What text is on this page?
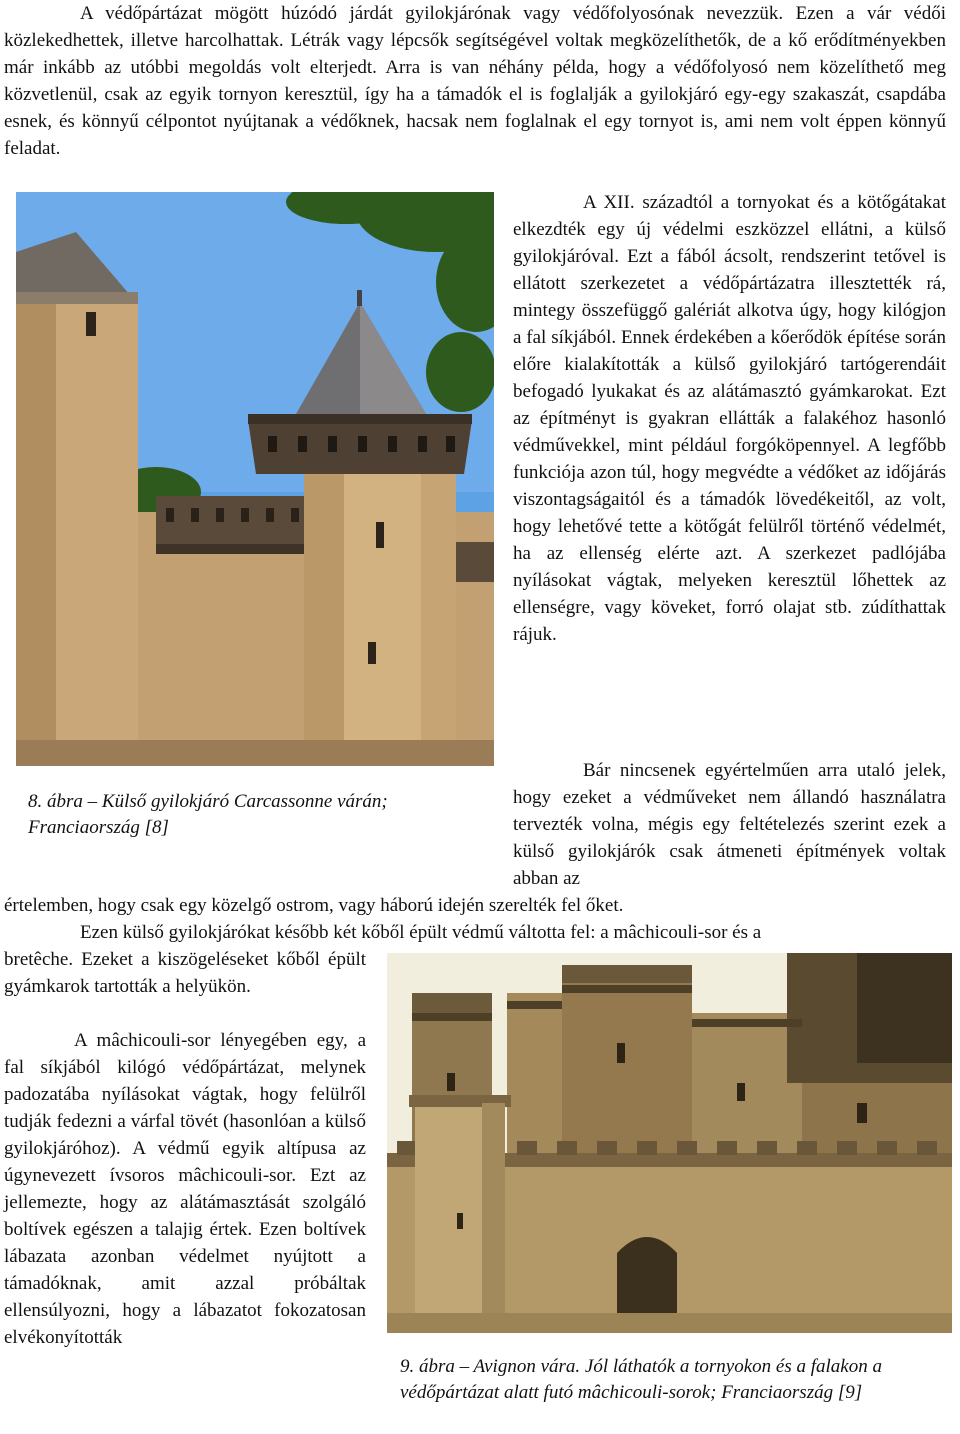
A védőpártázat mögött húzódó járdát gyilokjárónak vagy védőfolyosónak nevezzük. Ezen a vár védői közlekedhettek, illetve harcolhattak. Létrák vagy lépcsők segítségével voltak megközelíthetők, de a kő erődítményekben már inkább az utóbbi megoldás volt elterjedt. Arra is van néhány példa, hogy a védőfolyosó nem közelíthető meg közvetlenül, csak az egyik tornyon keresztül, így ha a támadók el is foglalják a gyilokjáró egy-egy szakaszát, csapdába esnek, és könnyű célpontot nyújtanak a védőknek, hacsak nem foglalnak el egy tornyot is, ami nem volt éppen könnyű feladat.

A XII. századtól a tornyokat és a kötőgátakat elkezdték egy új védelmi eszközzel ellátni, a külső gyilokjáróval. Ezt a fából ácsolt, rendszerint tetővel is ellátott szerkezetet a védőpártázatra illesztették rá, mintegy összefüggő galériát alkotva úgy, hogy kilógjon a fal síkjából. Ennek érdekében a kőerődök építése során előre kialakították a külső gyilokjáró tartógerendáit befogadó lyukakat és az alátámasztó gyámkarokat. Ezt az építményt is gyakran ellátták a falakéhoz hasonló védművekkel, mint például forgóköpennyel. A legfőbb funkciója azon túl, hogy megvédte a védőket az időjárás viszontagságaitól és a támadók lövedékeitől, az volt, hogy lehetővé tette a kötőgát felülről történő védelmét, ha az ellenség elérte azt. A szerkezet padlójába nyílásokat vágtak, melyeken keresztül lőhettek az ellenségre, vagy köveket, forró olajat stb. zúdíthattak rájuk.

8. ábra – Külső gyilokjáró Carcassonne várán; Franciaország [8]

Bár nincsenek egyértelműen arra utaló jelek, hogy ezeket a védműveket nem állandó használatra tervezték volna, mégis egy feltételezés szerint ezek a külső gyilokjárók csak átmeneti építmények voltak abban az

értelemben, hogy csak egy közelgő ostrom, vagy háború idején szerelték fel őket.

Ezen külső gyilokjárókat később két kőből épült védmű váltotta fel: a mâchicouli-sor és a

bretêche. Ezeket a kiszögeléseket kőből épült gyámkarok tartották a helyükön.

A mâchicouli-sor lényegében egy, a fal síkjából kilógó védőpártázat, melynek padozatába nyílásokat vágtak, hogy felülről tudják fedezni a várfal tövét (hasonlóan a külső gyilokjáróhoz). A védmű egyik altípusa az úgynevezett ívsoros mâchicouli-sor. Ezt az jellemezte, hogy az alátámasztását szolgáló boltívek egészen a talajig értek. Ezen boltívek lábazata azonban védelmet nyújtott a támadóknak, amit azzal próbáltak ellensúlyozni, hogy a lábazatot fokozatosan elvékonyították

9. ábra – Avignon vára. Jól láthatók a tornyokon és a falakon a védőpártázat alatt futó mâchicouli-sorok; Franciaország [9]
